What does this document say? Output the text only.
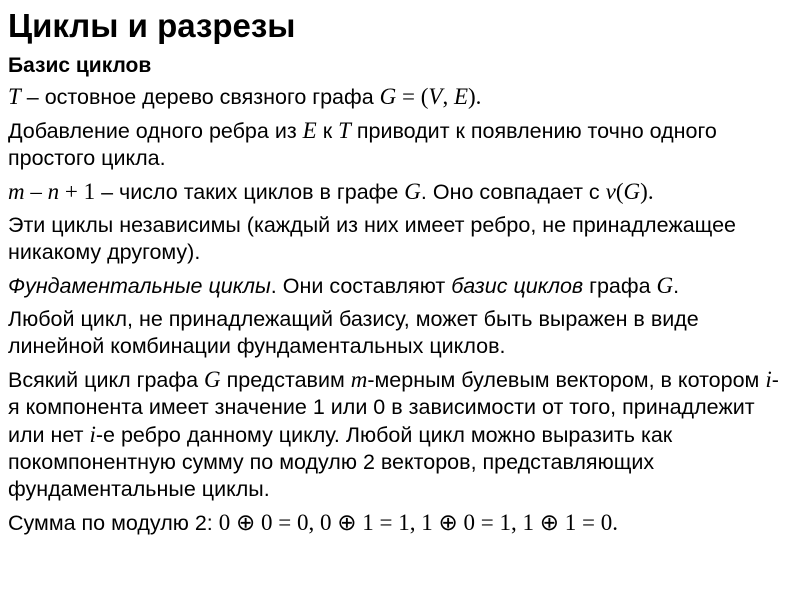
Циклы и разрезы
Базис циклов

T – остовное дерево связного графа G = (V, E).

Добавление одного ребра из E к T приводит к появлению точно одного простого цикла.

m – n + 1 – число таких циклов в графе G. Оно совпадает с ν(G).

Эти циклы независимы (каждый из них имеет ребро, не принадлежащее никакому другому).

Фундаментальные циклы. Они составляют базис циклов графа G.

Любой цикл, не принадлежащий базису, может быть выражен в виде линейной комбинации фундаментальных циклов.

Всякий цикл графа G представим m-мерным булевым вектором, в котором i-я компонента имеет значение 1 или 0 в зависимости от того, принадлежит или нет i-е ребро данному циклу. Любой цикл можно выразить как покомпонентную сумму по модулю 2 векторов, представляющих фундаментальные циклы.

Сумма по модулю 2: 0 ⊕ 0 = 0, 0 ⊕ 1 = 1, 1 ⊕ 0 = 1, 1 ⊕ 1 = 0.
